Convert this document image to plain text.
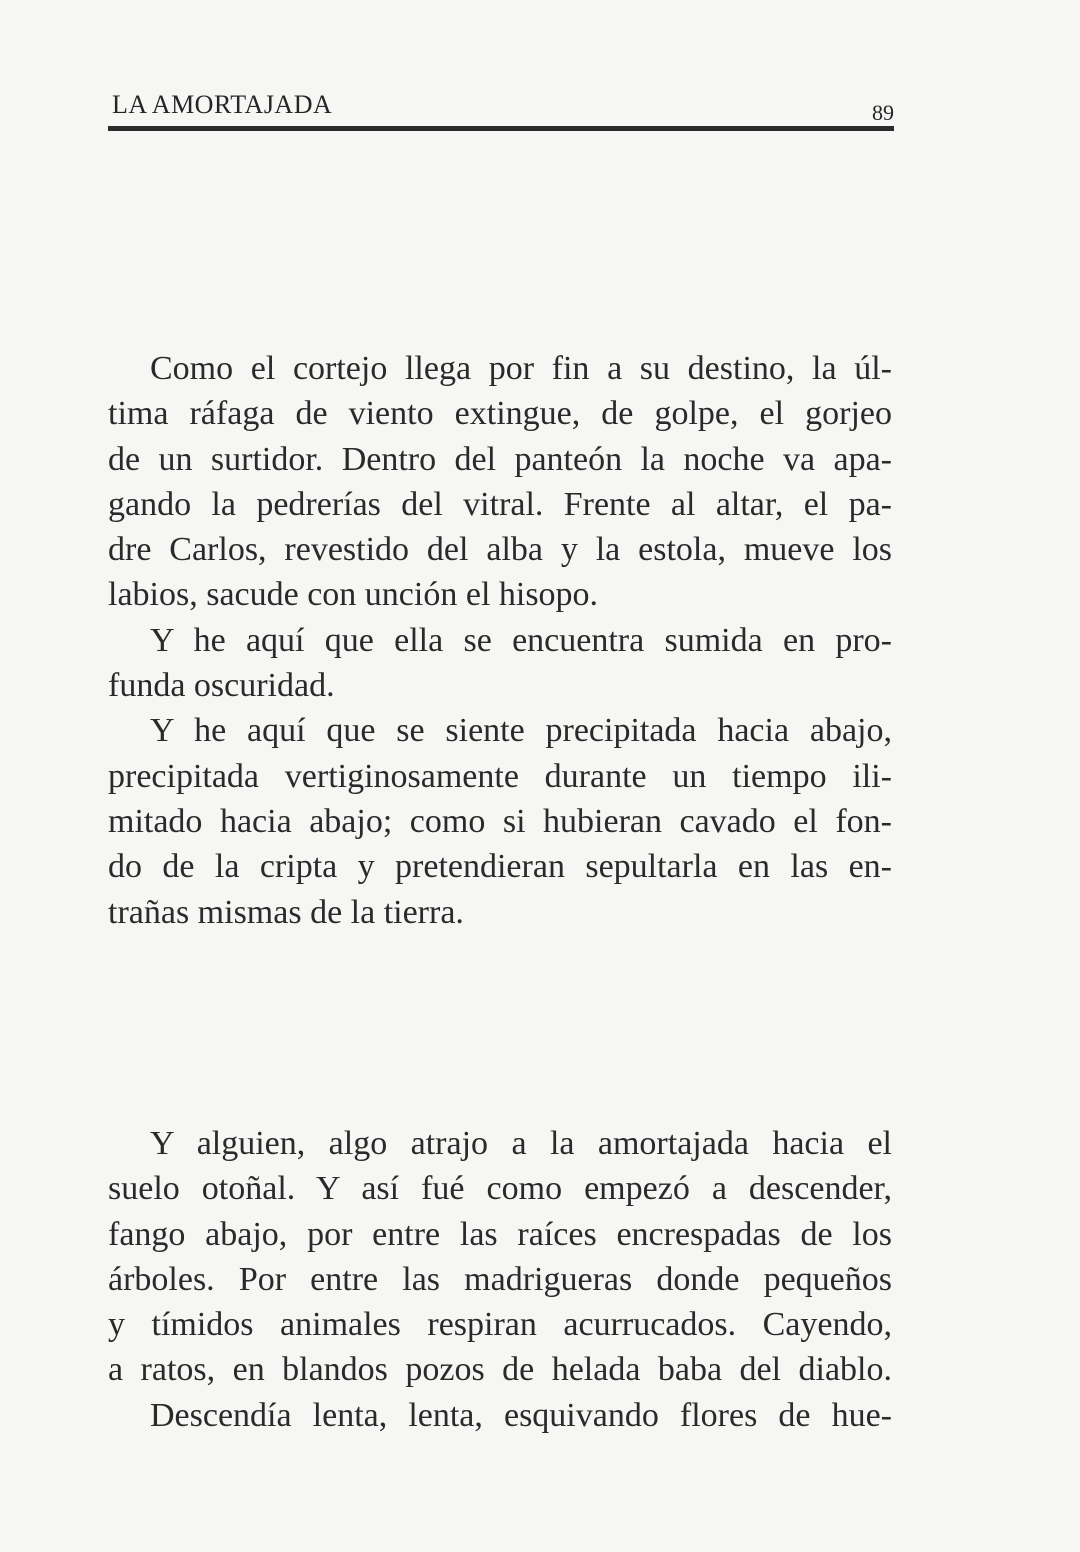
LA AMORTAJADA	89
Como el cortejo llega por fin a su destino, la úl-
tima ráfaga de viento extingue, de golpe, el gorjeo
de un surtidor. Dentro del panteón la noche va apa-
gando la pedrerías del vitral. Frente al altar, el pa-
dre Carlos, revestido del alba y la estola, mueve los
labios, sacude con unción el hisopo.
Y he aquí que ella se encuentra sumida en pro-
funda oscuridad.
Y he aquí que se siente precipitada hacia abajo,
precipitada vertiginosamente durante un tiempo ili-
mitado hacia abajo; como si hubieran cavado el fon-
do de la cripta y pretendieran sepultarla en las en-
trañas mismas de la tierra.
Y alguien, algo atrajo a la amortajada hacia el
suelo otoñal. Y así fué como empezó a descender,
fango abajo, por entre las raíces encrespadas de los
árboles. Por entre las madrigueras donde pequeños
y tímidos animales respiran acurrucados. Cayendo,
a ratos, en blandos pozos de helada baba del diablo.
Descendía lenta, lenta, esquivando flores de hue-
